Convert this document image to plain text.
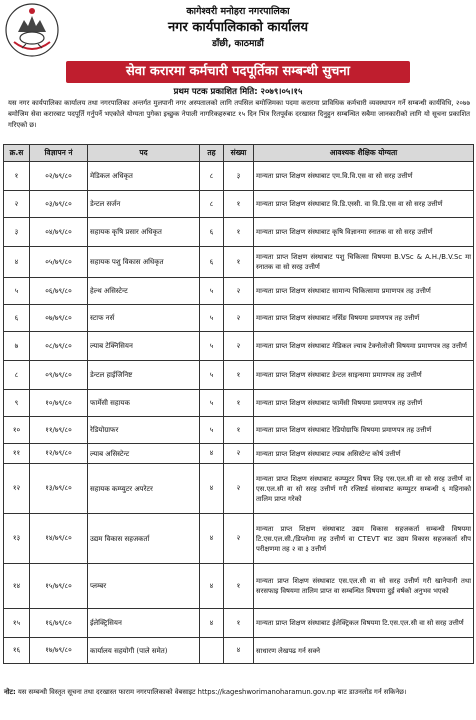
कागेश्वरी मनोहरा नगरपालिका
नगर कार्यपालिकाको कार्यालय
डाँछी, काठमाडौं
सेवा करारमा कर्मचारी पदपूर्तिका सम्बन्धी सुचना
प्रथम पटक प्रकाशित मिति: २०७९।०५।१५
यस नगर कार्यपालिका कार्यालय तथा नगरपालिका अन्तर्गत मुलपानी नगर अस्पतालको लागि तपसिल बमोजिमका पदमा करारमा प्राविधिक कर्मचारी व्यवस्थापन गर्ने सम्बन्धी कार्यविधि, २०७७ बमोजिम सेवा करारबाट पदपूर्ति गर्नुपर्ने भएकोले योग्यता पुगेका इच्छुक नेपाली नागरिकहरुबाट १५ दिन भित्र रितपूर्वक दरखास्त दिनुहुन सम्बन्धित सबैमा जानकारीको लागि यो सूचना प्रकाशित गरिएको छ।
क्र.स	विज्ञापन नं	पद	तह	संख्या	आवश्यक शैक्षिक योग्यता
१	०२/७९/८०	मेडिकल अधिकृत	८	३	मान्यता प्राप्त शिक्षण संस्थाबाट एम.वि.वि.एस वा सो सरह उत्तीर्ण
२	०३/७९/८०	डेन्टल सर्जन	८	१	मान्यता प्राप्त शिक्षण संस्थाबाट वि.डि.एस्सी. वा वि.डि.एस वा सो सरह उत्तीर्ण
३	०४/७९/८०	सहायक कृषि प्रसार अधिकृत	६	१	मान्यता प्राप्त शिक्षण संस्थाबाट कृषि विज्ञानमा स्नातक वा सो सरह उत्तीर्ण
४	०५/७९/८०	सहायक पशु विकास अधिकृत	६	१	मान्यता प्राप्त शिक्षण संस्थाबाट पशु चिकित्सा विषयमा B.VSc & A.H./B.V.Sc मा स्नातक वा सो सरह उत्तीर्ण
५	०६/७९/८०	हेल्थ असिस्टेन्ट	५	२	मान्यता प्राप्त शिक्षण संस्थाबाट सामान्य चिकित्सामा प्रमाणपत्र तह उत्तीर्ण
६	०७/७९/८०	स्टाफ नर्स	५	२	मान्यता प्राप्त शिक्षण संस्थाबाट नर्सिङ विषयमा प्रमाणपत्र तह उत्तीर्ण
७	०८/७९/८०	ल्याब टेक्निसियन	५	२	मान्यता प्राप्त शिक्षण संस्थाबाट मेडिकल ल्याब टेक्नोलोजी विषयमा प्रमाणपत्र तह उत्तीर्ण
८	०९/७९/८०	डेन्टल हाईजिनिष्ट	५	१	मान्यता प्राप्त शिक्षण संस्थाबाट डेन्टल साइन्समा प्रमाणपत्र तह उत्तीर्ण
९	१०/७९/८०	फार्मेसी सहायक	५	१	मान्यता प्राप्त शिक्षण संस्थाबाट फार्मेसी विषयमा प्रमाणपत्र तह उत्तीर्ण
१०	११/७९/८०	रेडियोग्राफर	५	१	मान्यता प्राप्त शिक्षण संस्थाबाट रेडियोग्राफि विषयमा प्रमाणपत्र तह उत्तीर्ण
११	१२/७९/८०	ल्याब असिस्टेन्ट	४	२	मान्यता प्राप्त शिक्षण संस्थाबाट ल्याब असिस्टेन्ट कोर्ष उत्तीर्ण
१२	१३/७९/८०	सहायक कम्प्युटर अपरेटर	४	२	मान्यता प्राप्त शिक्षण संस्थाबाट कम्प्युटर विषय लिइ एस.एल.सी वा सो सरह उत्तीर्ण वा एस.एल.सी वा सो सरह उत्तीर्ण गरी रजिष्टर्ड संस्थाबाट कम्प्युटर सम्बन्धी ६ महिनाको तालिम प्राप्त गरेको
१३	१४/७९/८०	उद्यम विकास सहजकर्ता	४	२	मान्यता प्राप्त शिक्षण संस्थाबाट उद्यम विकास सहजकर्ता सम्बन्धी विषयमा टि.एस.एल.सी./डिप्लोमा तह उत्तीर्ण वा CTEVT बाट उद्यम विकास सहजकर्ता सीप परीक्षणमा तह २ वा ३ उत्तीर्ण
१४	१५/७९/८०	प्लम्बर	४	१	मान्यता प्राप्त शिक्षण संस्थाबाट एस.एल.सी वा सो सरह उत्तीर्ण गरी खानेपानी तथा सरसफाइ विषयमा तालिम प्राप्त वा सम्बन्धित विषयमा दुई वर्षको अनुभव भएको
१५	१६/७९/८०	ईलेक्ट्रिसियन	४	१	मान्यता प्राप्त शिक्षण संस्थाबाट ईलेक्ट्रिकल विषयमा टि.एस.एल.सी वा सो सरह उत्तीर्ण
१६	१७/७९/८०	कार्यालय सहयोगी (पाले समेत)		४	साधारण लेखपढ गर्न सक्ने
नोट: यस सम्बन्धी विस्तृत सूचना तथा दरखास्त फाराम नगरपालिकाको वेबसाइट https://kageshworimanoharamun.gov.np बाट डाउनलोड गर्न सकिनेछ।
